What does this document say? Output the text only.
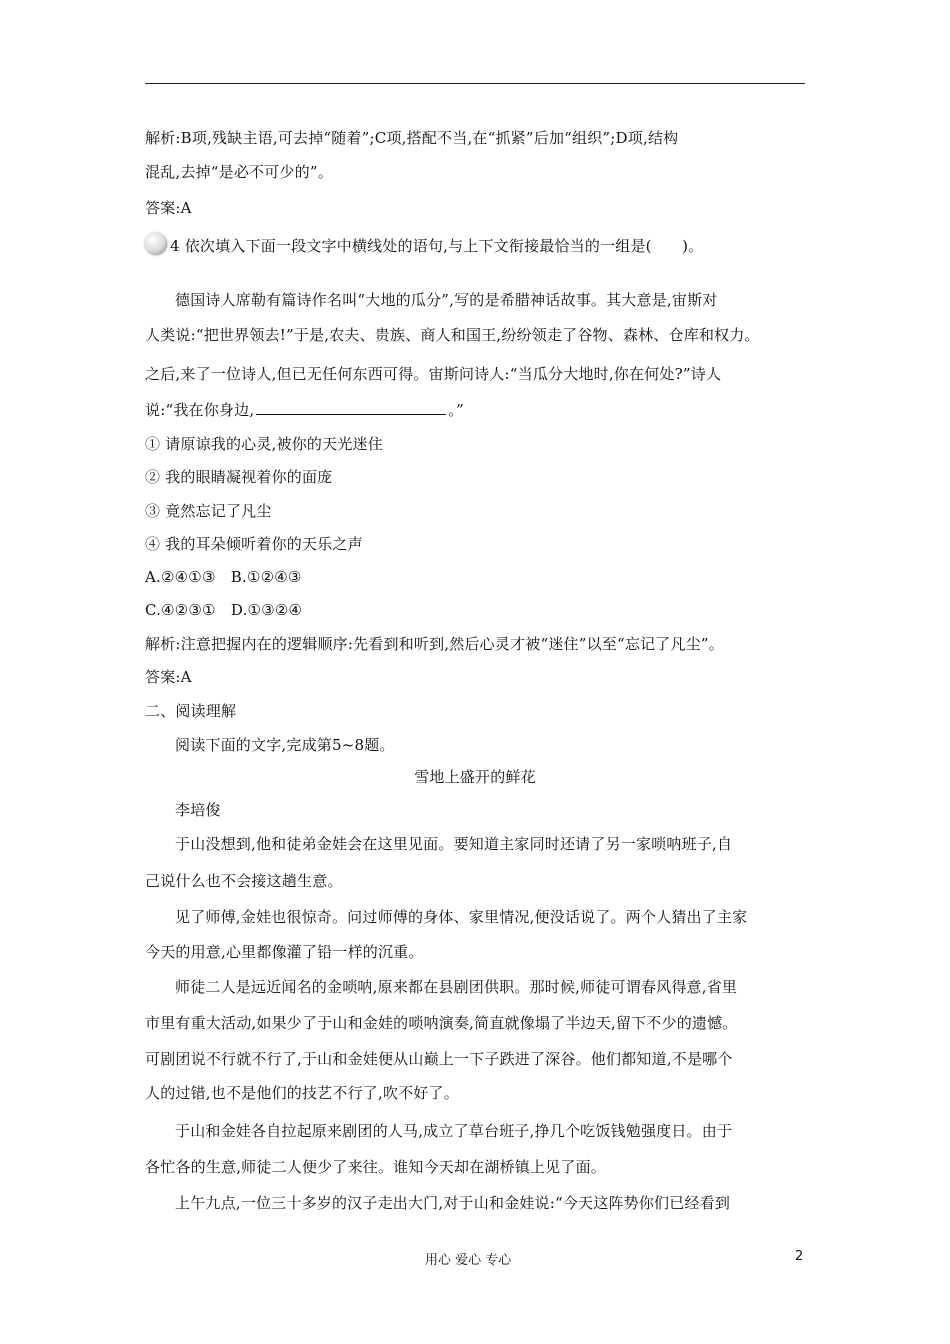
解析:B项,残缺主语,可去掉“随着”;C项,搭配不当,在“抓紧”后加“组织”;D项,结构
混乱,去掉“是必不可少的”。
答案:A
4 依次填入下面一段文字中横线处的语句,与上下文衔接最恰当的一组是(　　)。
德国诗人席勒有篇诗作名叫“大地的瓜分”,写的是希腊神话故事。其大意是,宙斯对
人类说:“把世界领去!”于是,农夫、贵族、商人和国王,纷纷领走了谷物、森林、仓库和权力。
之后,来了一位诗人,但已无任何东西可得。宙斯问诗人:“当瓜分大地时,你在何处?”诗人
说:“我在你身边,	。”
① 请原谅我的心灵,被你的天光迷住
② 我的眼睛凝视着你的面庞
③ 竟然忘记了凡尘
④ 我的耳朵倾听着你的天乐之声
A.②④①③　B.①②④③
C.④②③①　D.①③②④
解析:注意把握内在的逻辑顺序:先看到和听到,然后心灵才被“迷住”以至“忘记了凡尘”。
答案:A
二、阅读理解
阅读下面的文字,完成第5~8题。
雪地上盛开的鲜花
李培俊
于山没想到,他和徒弟金娃会在这里见面。要知道主家同时还请了另一家唢呐班子,自
己说什么也不会接这趟生意。
见了师傅,金娃也很惊奇。问过师傅的身体、家里情况,便没话说了。两个人猜出了主家
今天的用意,心里都像灌了铅一样的沉重。
师徒二人是远近闻名的金唢呐,原来都在县剧团供职。那时候,师徒可谓春风得意,省里
市里有重大活动,如果少了于山和金娃的唢呐演奏,简直就像塌了半边天,留下不少的遗憾。
可剧团说不行就不行了,于山和金娃便从山巅上一下子跌进了深谷。他们都知道,不是哪个
人的过错,也不是他们的技艺不行了,吹不好了。
于山和金娃各自拉起原来剧团的人马,成立了草台班子,挣几个吃饭钱勉强度日。由于
各忙各的生意,师徒二人便少了来往。谁知今天却在湖桥镇上见了面。
上午九点,一位三十多岁的汉子走出大门,对于山和金娃说:“今天这阵势你们已经看到
用心 爱心 专心	2
